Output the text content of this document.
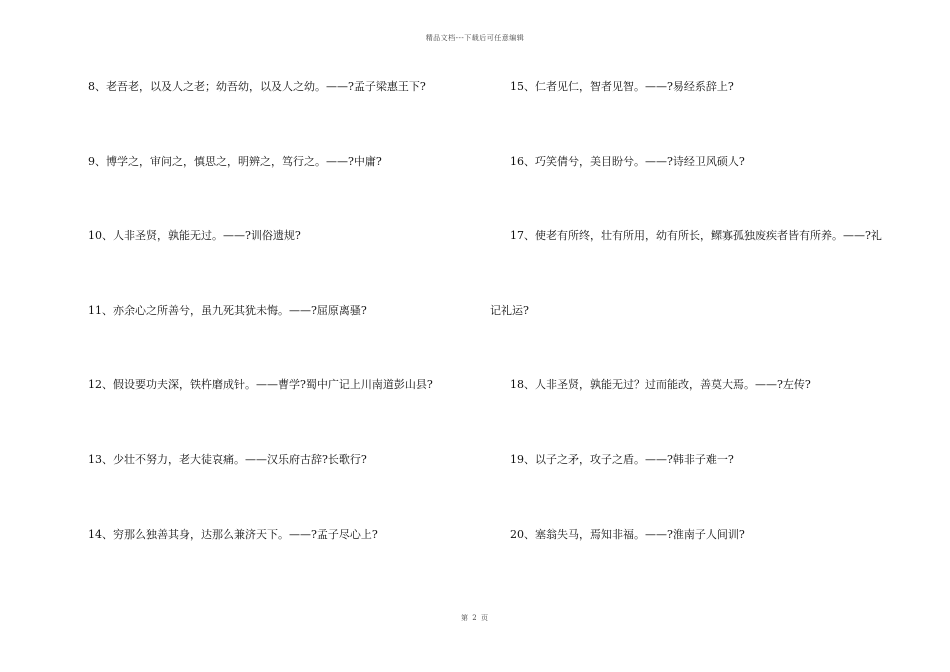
精品文档---下载后可任意编辑
8、老吾老，以及人之老；幼吾幼，以及人之幼。——?孟子梁惠王下?
9、博学之，审问之，慎思之，明辨之，笃行之。——?中庸?
10、人非圣贤，孰能无过。——?训俗遗规?
11、亦余心之所善兮，虽九死其犹未悔。——?屈原离骚?
12、假设要功夫深，铁杵磨成针。——曹学?蜀中广记上川南道彭山县?
13、少壮不努力，老大徒哀痛。——汉乐府古辞?长歌行?
14、穷那么独善其身，达那么兼济天下。——?孟子尽心上?
15、仁者见仁，智者见智。——?易经系辞上?
16、巧笑倩兮，美目盼兮。——?诗经卫风硕人?
17、使老有所终，壮有所用，幼有所长，鳏寡孤独废疾者皆有所养。——?礼
记礼运?
18、人非圣贤，孰能无过？过而能改，善莫大焉。——?左传?
19、以子之矛，攻子之盾。——?韩非子难一?
20、塞翁失马，焉知非福。——?淮南子人间训?
第 2 页
